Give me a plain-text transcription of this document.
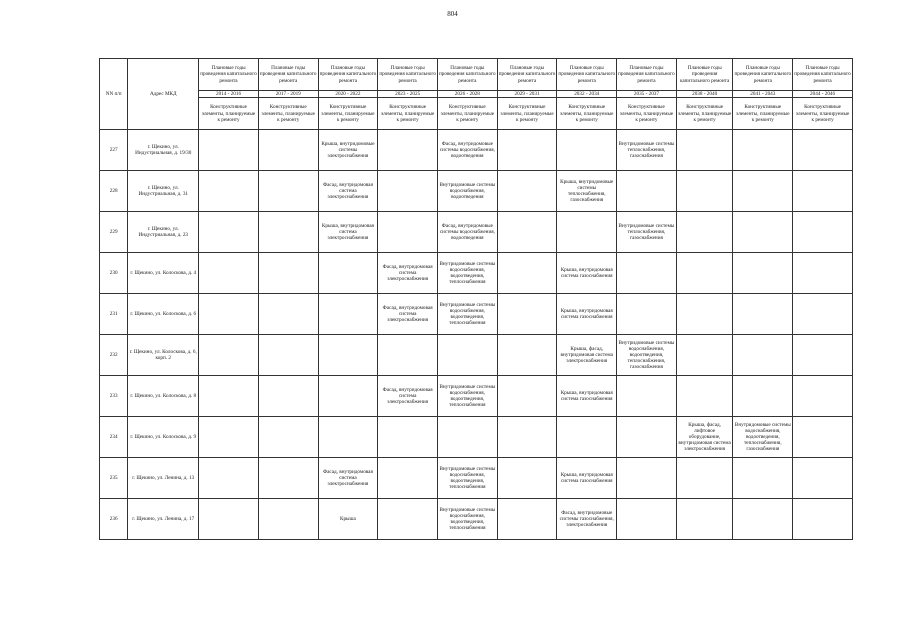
804
NN п/п	Адрес МКД	Плановые годы проведения капитального ремонта	Плановые годы проведения капитального ремонта	Плановые годы проведения капитального ремонта	Плановые годы проведения капитального ремонта	Плановые годы проведения капитального ремонта	Плановые годы проведения капитального ремонта	Плановые годы проведения капитального ремонта	Плановые годы проведения капитального ремонта	Плановые годы проведения капитального ремонта	Плановые годы проведения капитального ремонта	Плановые годы проведения капитального ремонта
		2014 - 2016	2017 - 2019	2020 - 2022	2023 - 2025	2026 - 2028	2029 - 2031	2032 - 2034	2035 - 2037	2038 - 2040	2041 - 2043	2044 - 2046
		Конструктивные элементы, планируемые к ремонту	Конструктивные элементы, планируемые к ремонту	Конструктивные элементы, планируемые к ремонту	Конструктивные элементы, планируемые к ремонту	Конструктивные элементы, планируемые к ремонту	Конструктивные элементы, планируемые к ремонту	Конструктивные элементы, планируемые к ремонту	Конструктивные элементы, планируемые к ремонту	Конструктивные элементы, планируемые к ремонту	Конструктивные элементы, планируемые к ремонту	Конструктивные элементы, планируемые к ремонту
227	г. Щекино, ул. Индустриальная, д. 19/30			Крыша, внутридомовые системы электроснабжения		Фасад, внутридомовые системы водоснабжения, водоотведения			Внутридомовые системы теплоснабжения, газоснабжения			
228	г. Щекино, ул. Индустриальная, д. 31			Фасад, внутридомовая система электроснабжения		Внутридомовые системы водоснабжения, водоотведения		Крыша, внутридомовые системы теплоснабжения, газоснабжения				
229	г. Щекино, ул. Индустриальная, д. 23			Крыша, внутридомовая система электроснабжения		Фасад, внутридомовые системы водоснабжения, водоотведения			Внутридомовые системы теплоснабжения, газоснабжения			
230	г. Щекино, ул. Колоскова, д. 4				Фасад, внутридомовая система электроснабжения	Внутридомовые системы водоснабжения, водоотведения, теплоснабжения		Крыша, внутридомовая система газоснабжения				
231	г. Щекино, ул. Колоскова, д. 6				Фасад, внутридомовая система электроснабжения	Внутридомовые системы водоснабжения, водоотведения, теплоснабжения		Крыша, внутридомовая система газоснабжения				
232	г. Щекино, ул. Колоскова, д. 6, корп. 2							Крыша, фасад, внутридомовая система электроснабжения	Внутридомовые системы водоснабжения, водоотведения, теплоснабжения, газоснабжения			
233	г. Щекино, ул. Колоскова, д. 8				Фасад, внутридомовая система электроснабжения	Внутридомовые системы водоснабжения, водоотведения, теплоснабжения		Крыша, внутридомовая система газоснабжения				
234	г. Щекино, ул. Колоскова, д. 9									Крыша, фасад, лифтовое оборудование, внутридомовая система электроснабжения	Внутридомовые системы водоснабжения, водоотведения, теплоснабжения, газоснабжения	
235	г. Щекино, ул. Ленина, д. 13			Фасад, внутридомовая система электроснабжения		Внутридомовые системы водоснабжения, водоотведения, теплоснабжения		Крыша, внутридомовая система газоснабжения				
236	г. Щекино, ул. Ленина, д. 17			Крыша		Внутридомовые системы водоснабжения, водоотведения, теплоснабжения		Фасад, внутридомовые системы газоснабжения, электроснабжения				
